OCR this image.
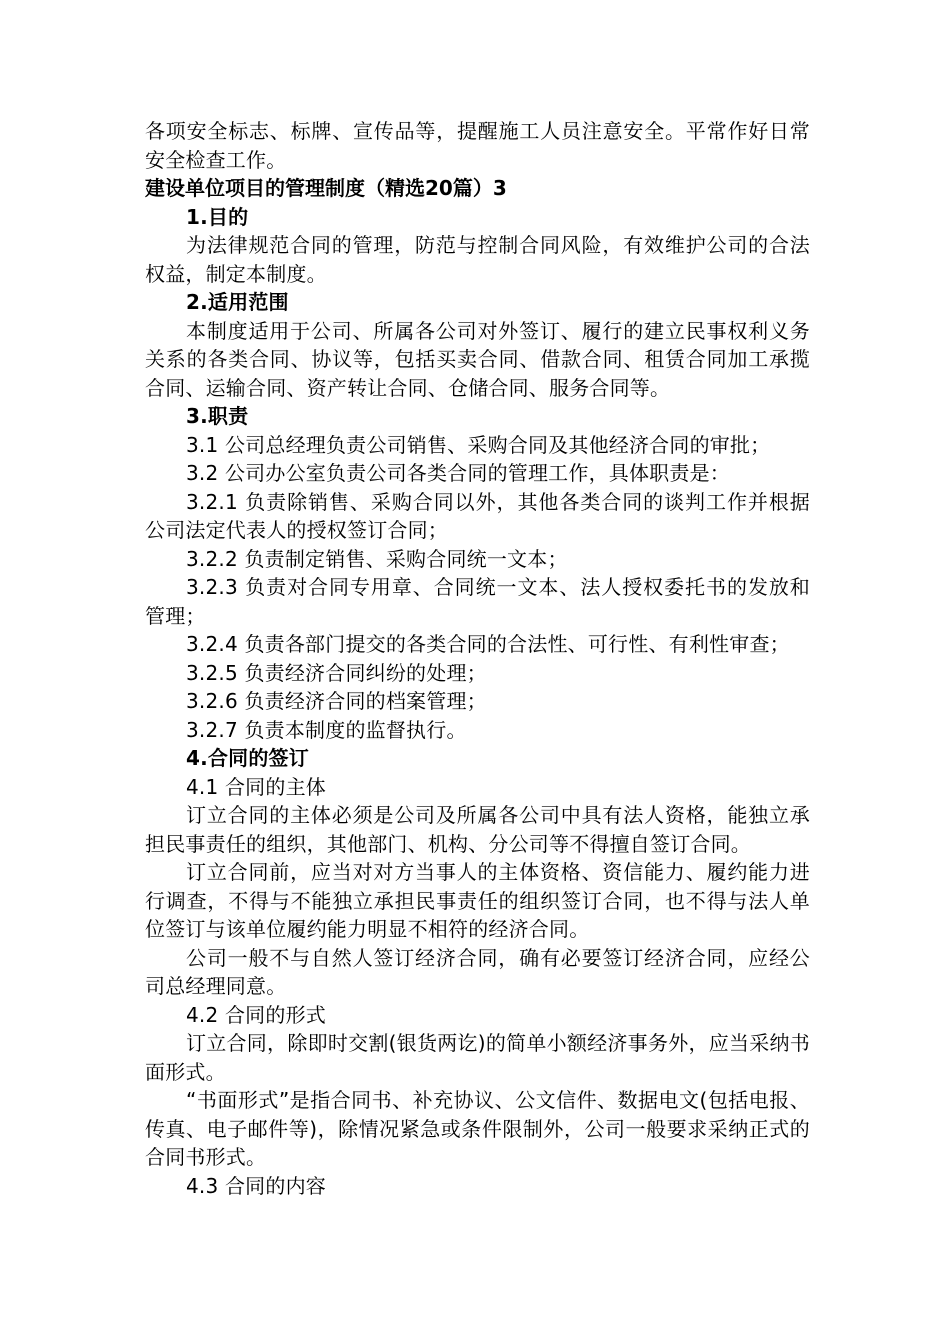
各项安全标志、标牌、宣传品等，提醒施工人员注意安全。平常作好日常安全检查工作。

建设单位项目的管理制度（精选20篇）3

1.目的

为法律规范合同的管理，防范与控制合同风险，有效维护公司的合法权益，制定本制度。

2.适用范围

本制度适用于公司、所属各公司对外签订、履行的建立民事权利义务关系的各类合同、协议等，包括买卖合同、借款合同、租赁合同加工承揽合同、运输合同、资产转让合同、仓储合同、服务合同等。

3.职责

3.1 公司总经理负责公司销售、采购合同及其他经济合同的审批；

3.2 公司办公室负责公司各类合同的管理工作，具体职责是：

3.2.1 负责除销售、采购合同以外，其他各类合同的谈判工作并根据公司法定代表人的授权签订合同；

3.2.2 负责制定销售、采购合同统一文本；

3.2.3 负责对合同专用章、合同统一文本、法人授权委托书的发放和管理；

3.2.4 负责各部门提交的各类合同的合法性、可行性、有利性审查；

3.2.5 负责经济合同纠纷的处理；

3.2.6 负责经济合同的档案管理；

3.2.7 负责本制度的监督执行。

4.合同的签订

4.1 合同的主体

订立合同的主体必须是公司及所属各公司中具有法人资格，能独立承担民事责任的组织，其他部门、机构、分公司等不得擅自签订合同。

订立合同前，应当对对方当事人的主体资格、资信能力、履约能力进行调查，不得与不能独立承担民事责任的组织签订合同，也不得与法人单位签订与该单位履约能力明显不相符的经济合同。

公司一般不与自然人签订经济合同，确有必要签订经济合同，应经公司总经理同意。

4.2 合同的形式

订立合同，除即时交割(银货两讫)的简单小额经济事务外，应当采纳书面形式。

“书面形式”是指合同书、补充协议、公文信件、数据电文(包括电报、传真、电子邮件等)，除情况紧急或条件限制外，公司一般要求采纳正式的合同书形式。

4.3 合同的内容
